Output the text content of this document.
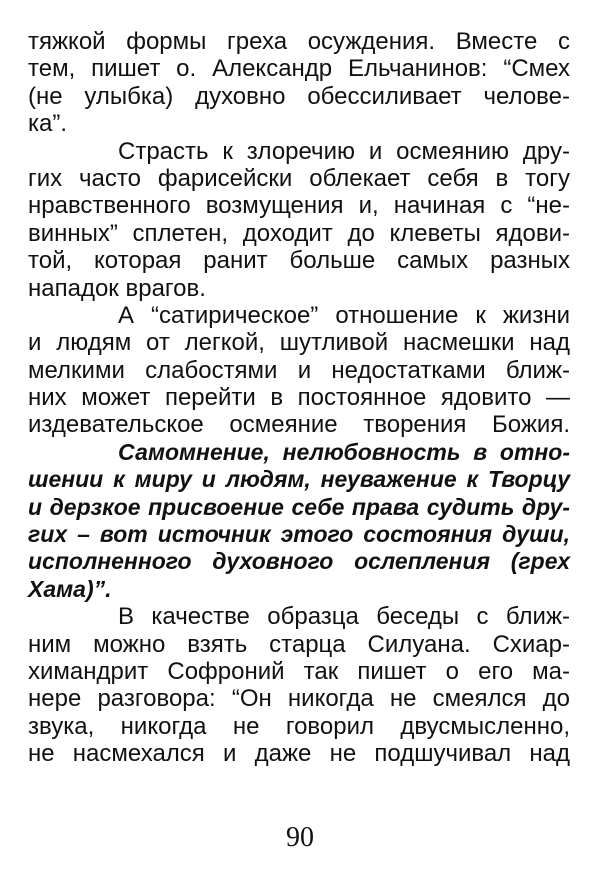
тяжкой формы греха осуждения. Вместе с
тем, пишет о. Александр Ельчанинов: “Смех
(не улыбка) духовно обессиливает челове-
ка”.
Страсть к злоречию и осмеянию дру-
гих часто фарисейски облекает себя в тогу
нравственного возмущения и, начиная с “не-
винных” сплетен, доходит до клеветы ядови-
той, которая ранит больше самых разных
нападок врагов.
А “сатирическое” отношение к жизни
и людям от легкой, шутливой насмешки над
мелкими слабостями и недостатками ближ-
них может перейти в постоянное ядовито —
издевательское осмеяние творения Божия.
Самомнение, нелюбовность в отно-
шении к миру и людям, неуважение к Творцу
и дерзкое присвоение себе права судить дру-
гих – вот источник этого состояния души,
исполненного духовного ослепления (грех
Хама)”.
В качестве образца беседы с ближ-
ним можно взять старца Силуана. Схиар-
химандрит Софроний так пишет о его ма-
нере разговора: “Он никогда не смеялся до
звука, никогда не говорил двусмысленно,
не насмехался и даже не подшучивал над
90
